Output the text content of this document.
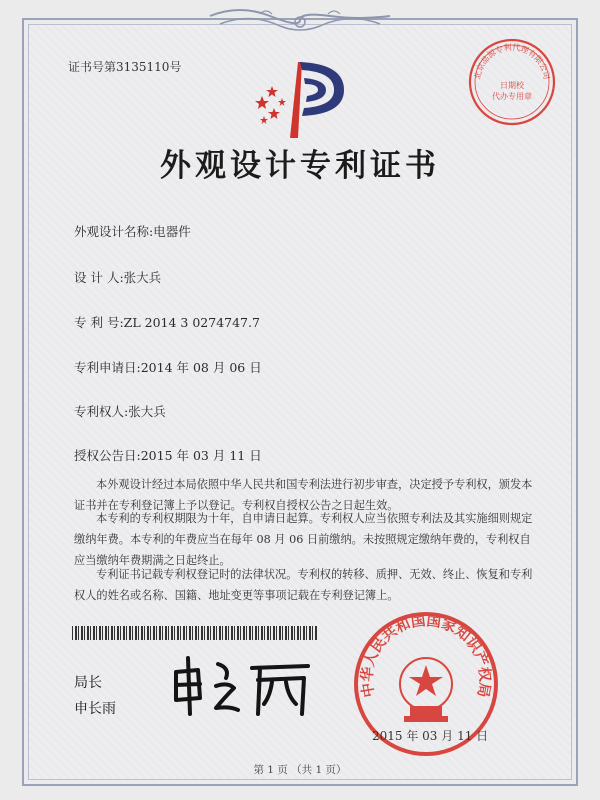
证书号第3135110号
北京品源专利代理有限公司
日期校
代办专用章
外观设计专利证书
外观设计名称:电器件
设 计 人:张大兵
专 利 号:ZL 2014 3 0274747.7
专利申请日:2014 年 08 月 06 日
专利权人:张大兵
授权公告日:2015 年 03 月 11 日
本外观设计经过本局依照中华人民共和国专利法进行初步审查，决定授予专利权，颁发本证书并在专利登记簿上予以登记。专利权自授权公告之日起生效。
本专利的专利权期限为十年，自申请日起算。专利权人应当依照专利法及其实施细则规定缴纳年费。本专利的年费应当在每年 08 月 06 日前缴纳。未按照规定缴纳年费的，专利权自应当缴纳年费期满之日起终止。
专利证书记载专利权登记时的法律状况。专利权的转移、质押、无效、终止、恢复和专利权人的姓名或名称、国籍、地址变更等事项记载在专利登记簿上。
局长
申长雨
中华人民共和国国家知识产权局
2015 年 03 月 11 日
第 1 页 （共 1 页）
